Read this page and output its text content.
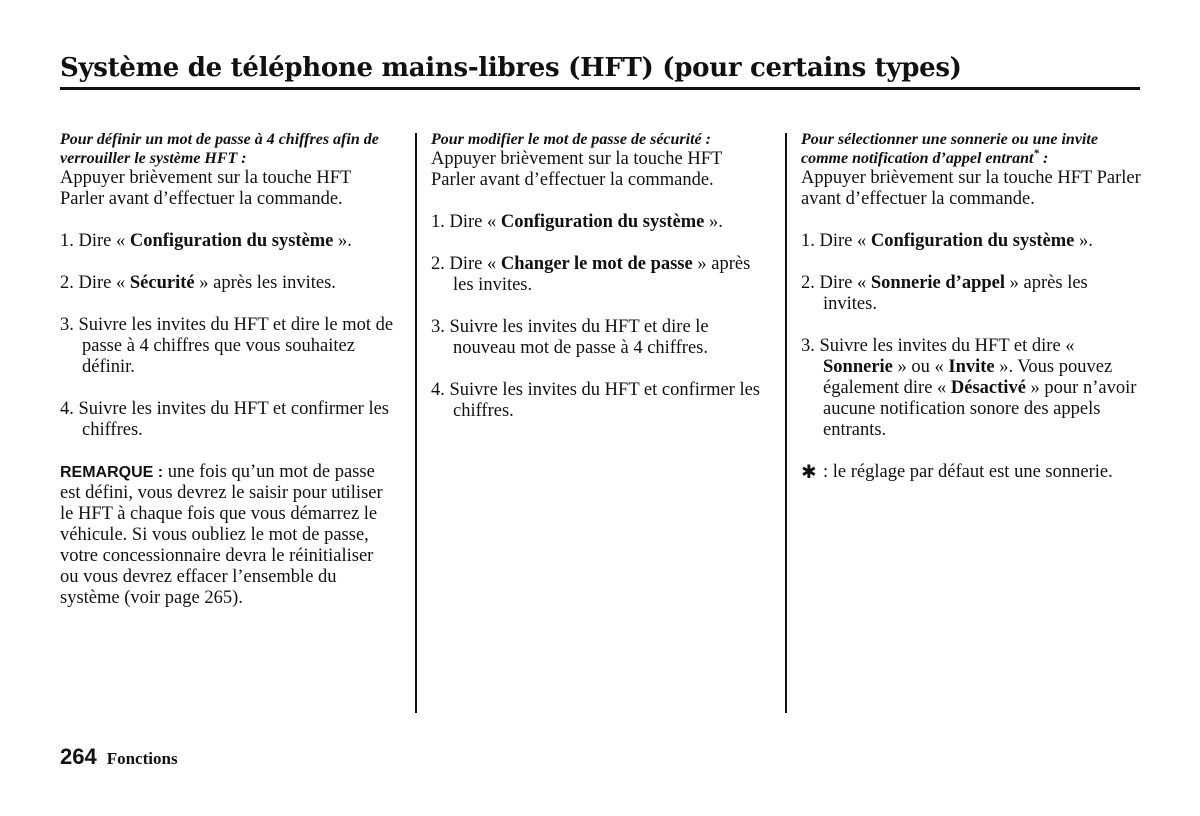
Système de téléphone mains-libres (HFT) (pour certains types)

Pour définir un mot de passe à 4 chiffres afin de verrouiller le système HFT :

Appuyer brièvement sur la touche HFT Parler avant d’effectuer la commande.

1. Dire « Configuration du système ».

2. Dire « Sécurité » après les invites.

3. Suivre les invites du HFT et dire le mot de passe à 4 chiffres que vous souhaitez définir.

4. Suivre les invites du HFT et confirmer les chiffres.

REMARQUE : une fois qu’un mot de passe est défini, vous devrez le saisir pour utiliser le HFT à chaque fois que vous démarrez le véhicule. Si vous oubliez le mot de passe, votre concessionnaire devra le réinitialiser ou vous devrez effacer l’ensemble du système (voir page 265).

Pour modifier le mot de passe de sécurité :

Appuyer brièvement sur la touche HFT Parler avant d’effectuer la commande.

1. Dire « Configuration du système ».

2. Dire « Changer le mot de passe » après les invites.

3. Suivre les invites du HFT et dire le nouveau mot de passe à 4 chiffres.

4. Suivre les invites du HFT et confirmer les chiffres.

Pour sélectionner une sonnerie ou une invite comme notification d’appel entrant* :

Appuyer brièvement sur la touche HFT Parler avant d’effectuer la commande.

1. Dire « Configuration du système ».

2. Dire « Sonnerie d’appel » après les invites.

3. Suivre les invites du HFT et dire « Sonnerie » ou « Invite ». Vous pouvez également dire « Désactivé » pour n’avoir aucune notification sonore des appels entrants.

✱ : le réglage par défaut est une sonnerie.
264 Fonctions
